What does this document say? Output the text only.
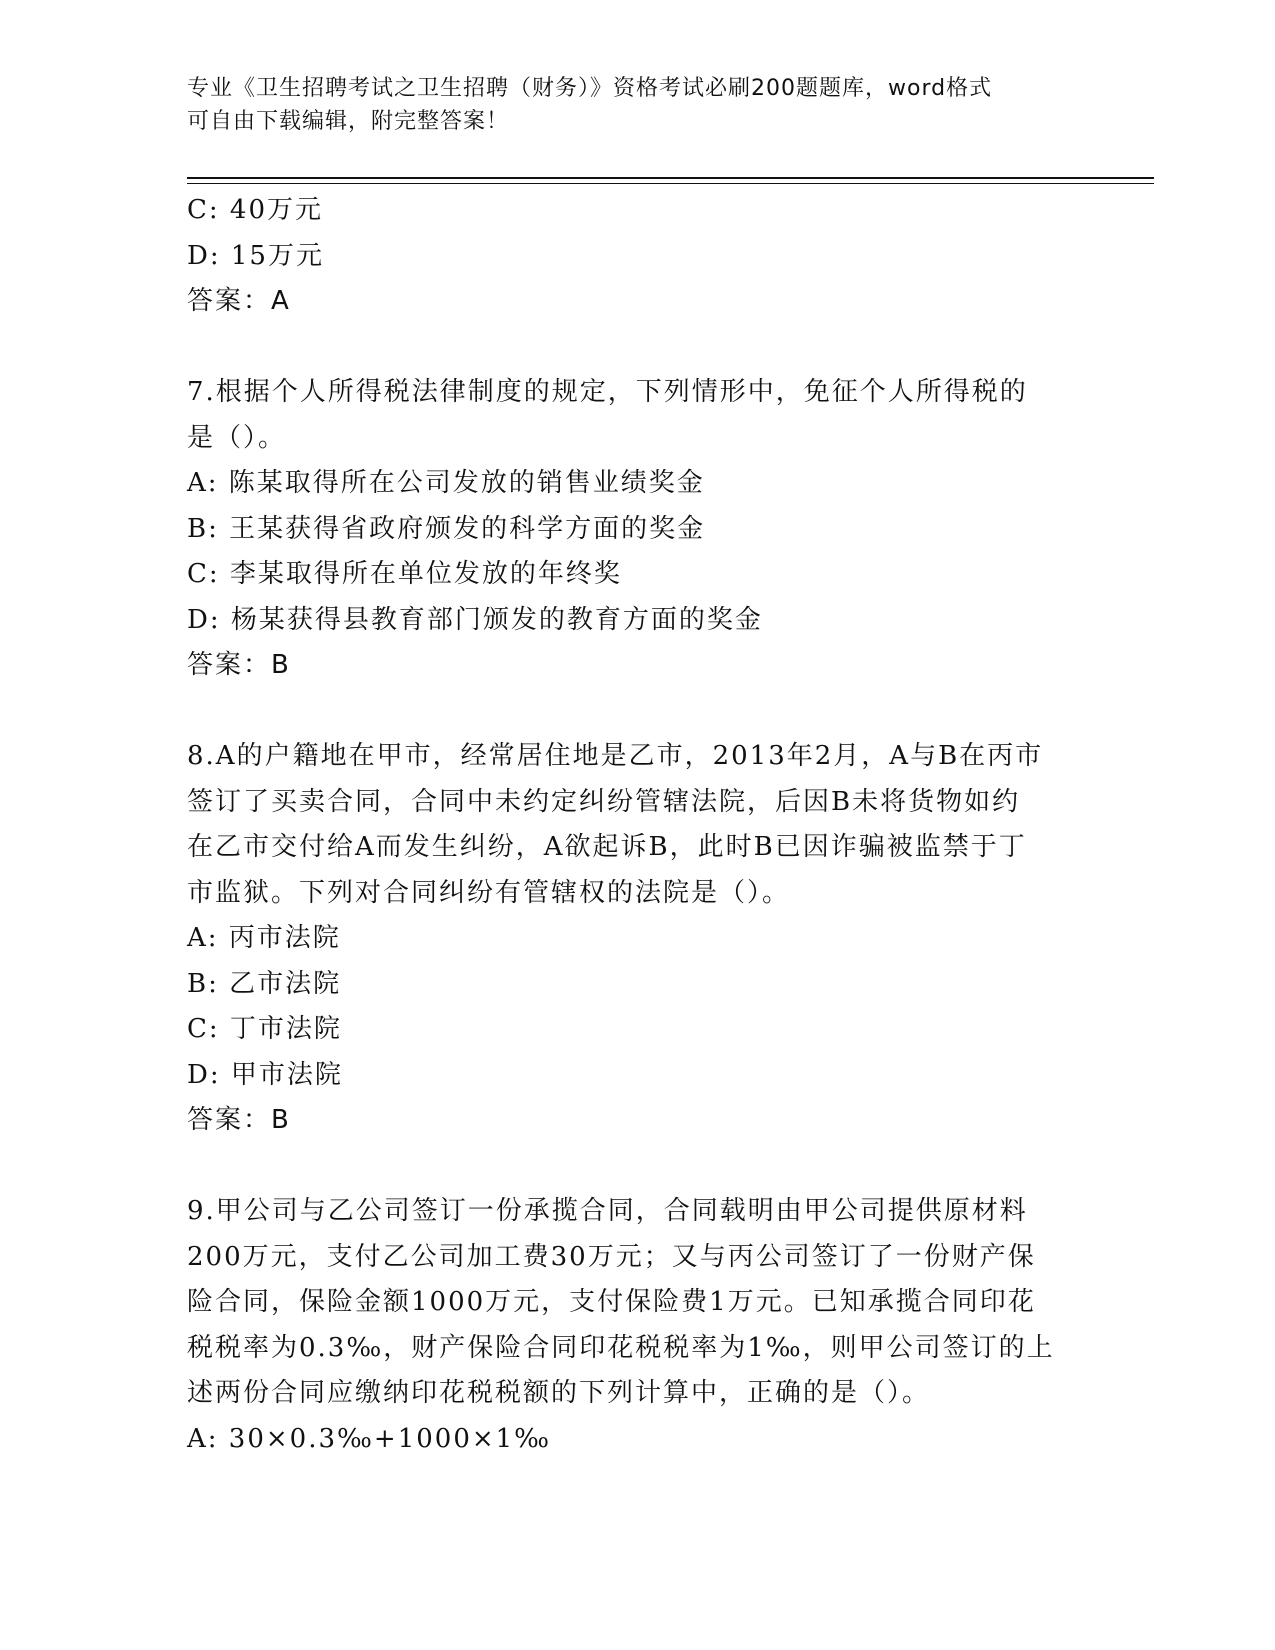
专业《卫生招聘考试之卫生招聘（财务）》资格考试必刷200题题库，word格式
可自由下载编辑，附完整答案！
C: 40万元
D: 15万元
答案：A
7.根据个人所得税法律制度的规定，下列情形中，免征个人所得税的
是（）。
A: 陈某取得所在公司发放的销售业绩奖金
B: 王某获得省政府颁发的科学方面的奖金
C: 李某取得所在单位发放的年终奖
D: 杨某获得县教育部门颁发的教育方面的奖金
答案：B
8.A的户籍地在甲市，经常居住地是乙市，2013年2月，A与B在丙市
签订了买卖合同，合同中未约定纠纷管辖法院，后因B未将货物如约
在乙市交付给A而发生纠纷，A欲起诉B，此时B已因诈骗被监禁于丁
市监狱。下列对合同纠纷有管辖权的法院是（）。
A: 丙市法院
B: 乙市法院
C: 丁市法院
D: 甲市法院
答案：B
9.甲公司与乙公司签订一份承揽合同，合同载明由甲公司提供原材料
200万元，支付乙公司加工费30万元；又与丙公司签订了一份财产保
险合同，保险金额1000万元，支付保险费1万元。已知承揽合同印花
税税率为0.3‰，财产保险合同印花税税率为1‰，则甲公司签订的上
述两份合同应缴纳印花税税额的下列计算中，正确的是（）。
A: 30×0.3‰+1000×1‰
